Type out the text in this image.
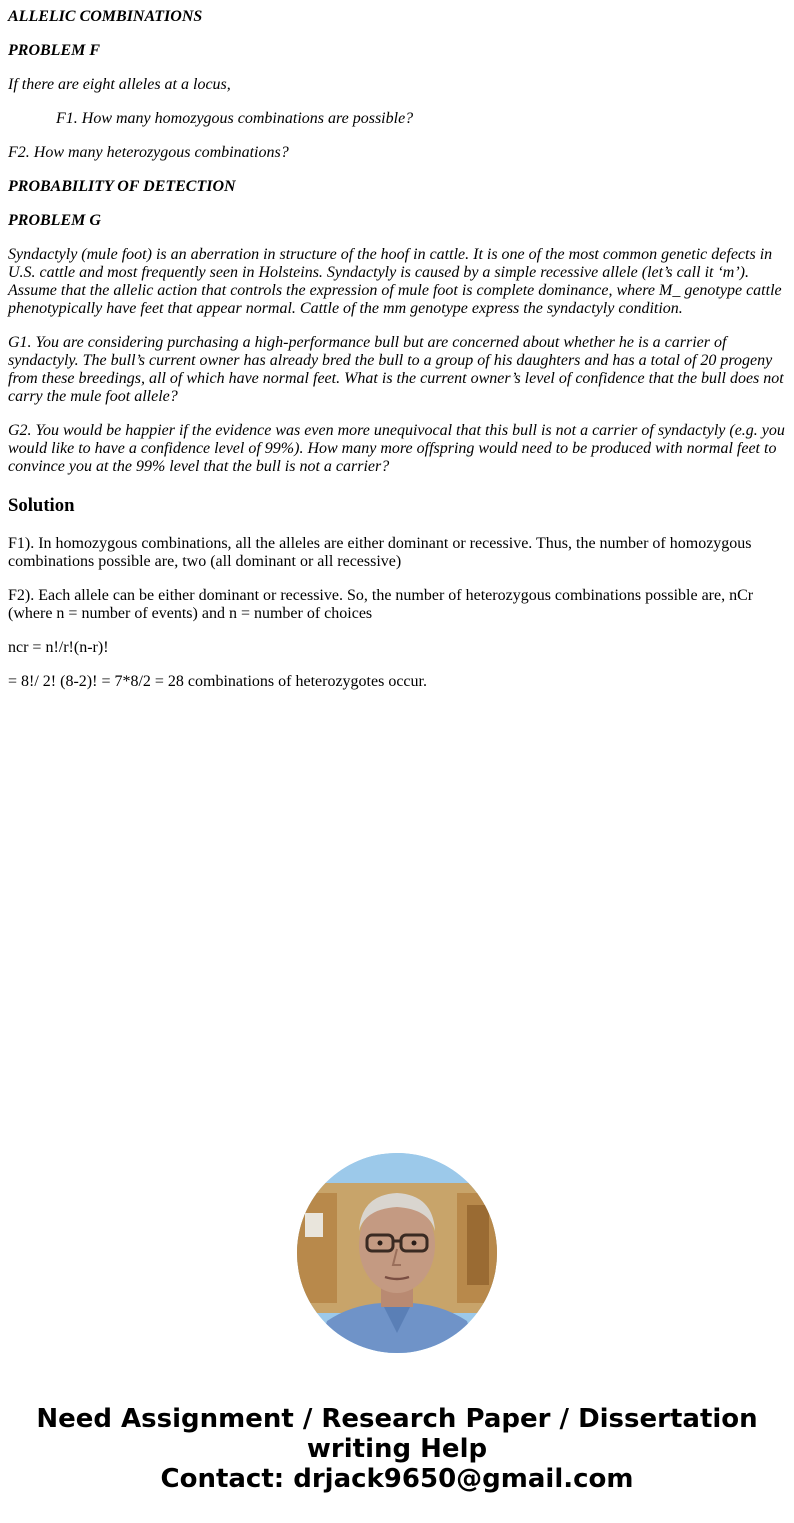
ALLELIC COMBINATIONS

PROBLEM F

If there are eight alleles at a locus,

F1. How many homozygous combinations are possible?

F2. How many heterozygous combinations?

PROBABILITY OF DETECTION

PROBLEM G

Syndactyly (mule foot) is an aberration in structure of the hoof in cattle. It is one of the most common genetic defects in U.S. cattle and most frequently seen in Holsteins. Syndactyly is caused by a simple recessive allele (let’s call it ‘m’). Assume that the allelic action that controls the expression of mule foot is complete dominance, where M_ genotype cattle phenotypically have feet that appear normal. Cattle of the mm genotype express the syndactyly condition.

G1. You are considering purchasing a high-performance bull but are concerned about whether he is a carrier of syndactyly. The bull’s current owner has already bred the bull to a group of his daughters and has a total of 20 progeny from these breedings, all of which have normal feet. What is the current owner’s level of confidence that the bull does not carry the mule foot allele?

G2. You would be happier if the evidence was even more unequivocal that this bull is not a carrier of syndactyly (e.g. you would like to have a confidence level of 99%). How many more offspring would need to be produced with normal feet to convince you at the 99% level that the bull is not a carrier?

Solution

F1). In homozygous combinations, all the alleles are either dominant or recessive. Thus, the number of homozygous combinations possible are, two (all dominant or all recessive)

F2). Each allele can be either dominant or recessive. So, the number of heterozygous combinations possible are, nCr (where n = number of events) and n = number of choices

ncr = n!/r!(n-r)!

= 8!/ 2! (8-2)! = 7*8/2 = 28 combinations of heterozygotes occur.

Need Assignment / Research Paper / Dissertation
writing Help
Contact: drjack9650@gmail.com
